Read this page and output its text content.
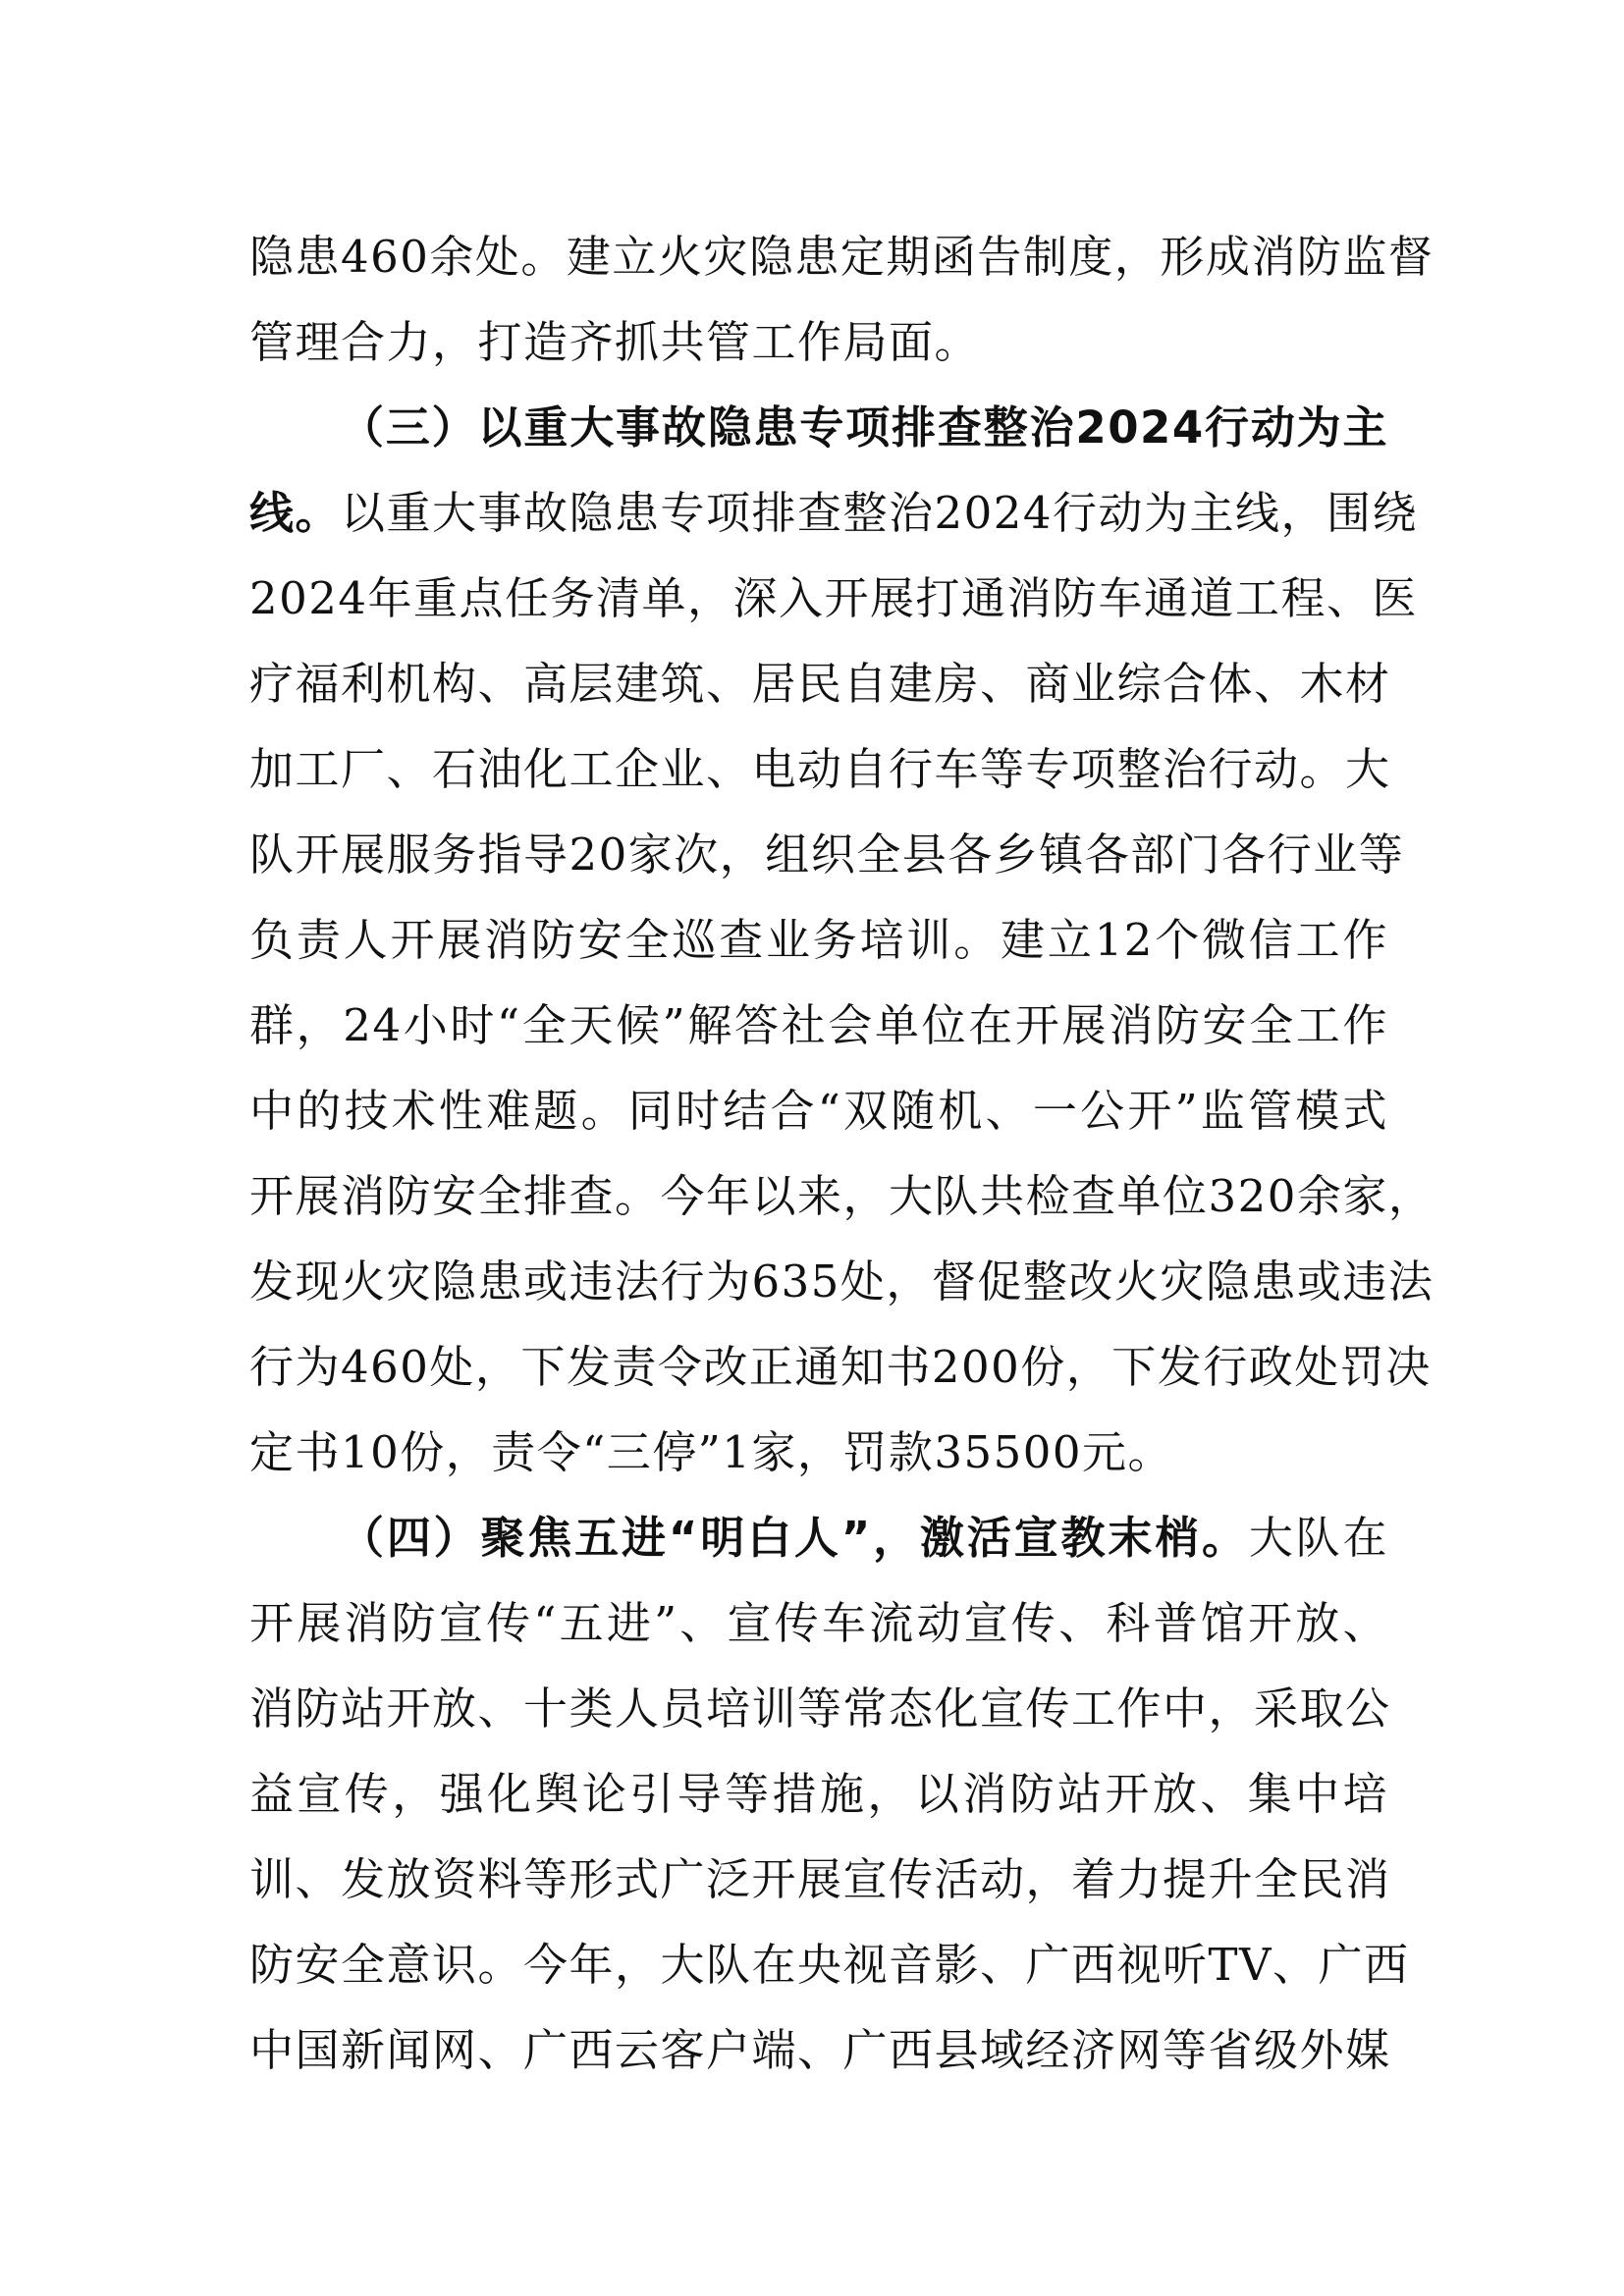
隐患460余处。建立火灾隐患定期函告制度，形成消防监督
管理合力，打造齐抓共管工作局面。
（三）以重大事故隐患专项排查整治2024行动为主
线。以重大事故隐患专项排查整治2024行动为主线，围绕
2024年重点任务清单，深入开展打通消防车通道工程、医
疗福利机构、高层建筑、居民自建房、商业综合体、木材
加工厂、石油化工企业、电动自行车等专项整治行动。大
队开展服务指导20家次，组织全县各乡镇各部门各行业等
负责人开展消防安全巡查业务培训。建立12个微信工作
群，24小时“全天候”解答社会单位在开展消防安全工作
中的技术性难题。同时结合“双随机、一公开”监管模式
开展消防安全排查。今年以来，大队共检查单位320余家，
发现火灾隐患或违法行为635处，督促整改火灾隐患或违法
行为460处，下发责令改正通知书200份，下发行政处罚决
定书10份，责令“三停”1家，罚款35500元。
（四）聚焦五进“明白人”，激活宣教末梢。大队在
开展消防宣传“五进”、宣传车流动宣传、科普馆开放、
消防站开放、十类人员培训等常态化宣传工作中，采取公
益宣传，强化舆论引导等措施，以消防站开放、集中培
训、发放资料等形式广泛开展宣传活动，着力提升全民消
防安全意识。今年，大队在央视音影、广西视听TV、广西
中国新闻网、广西云客户端、广西县域经济网等省级外媒
